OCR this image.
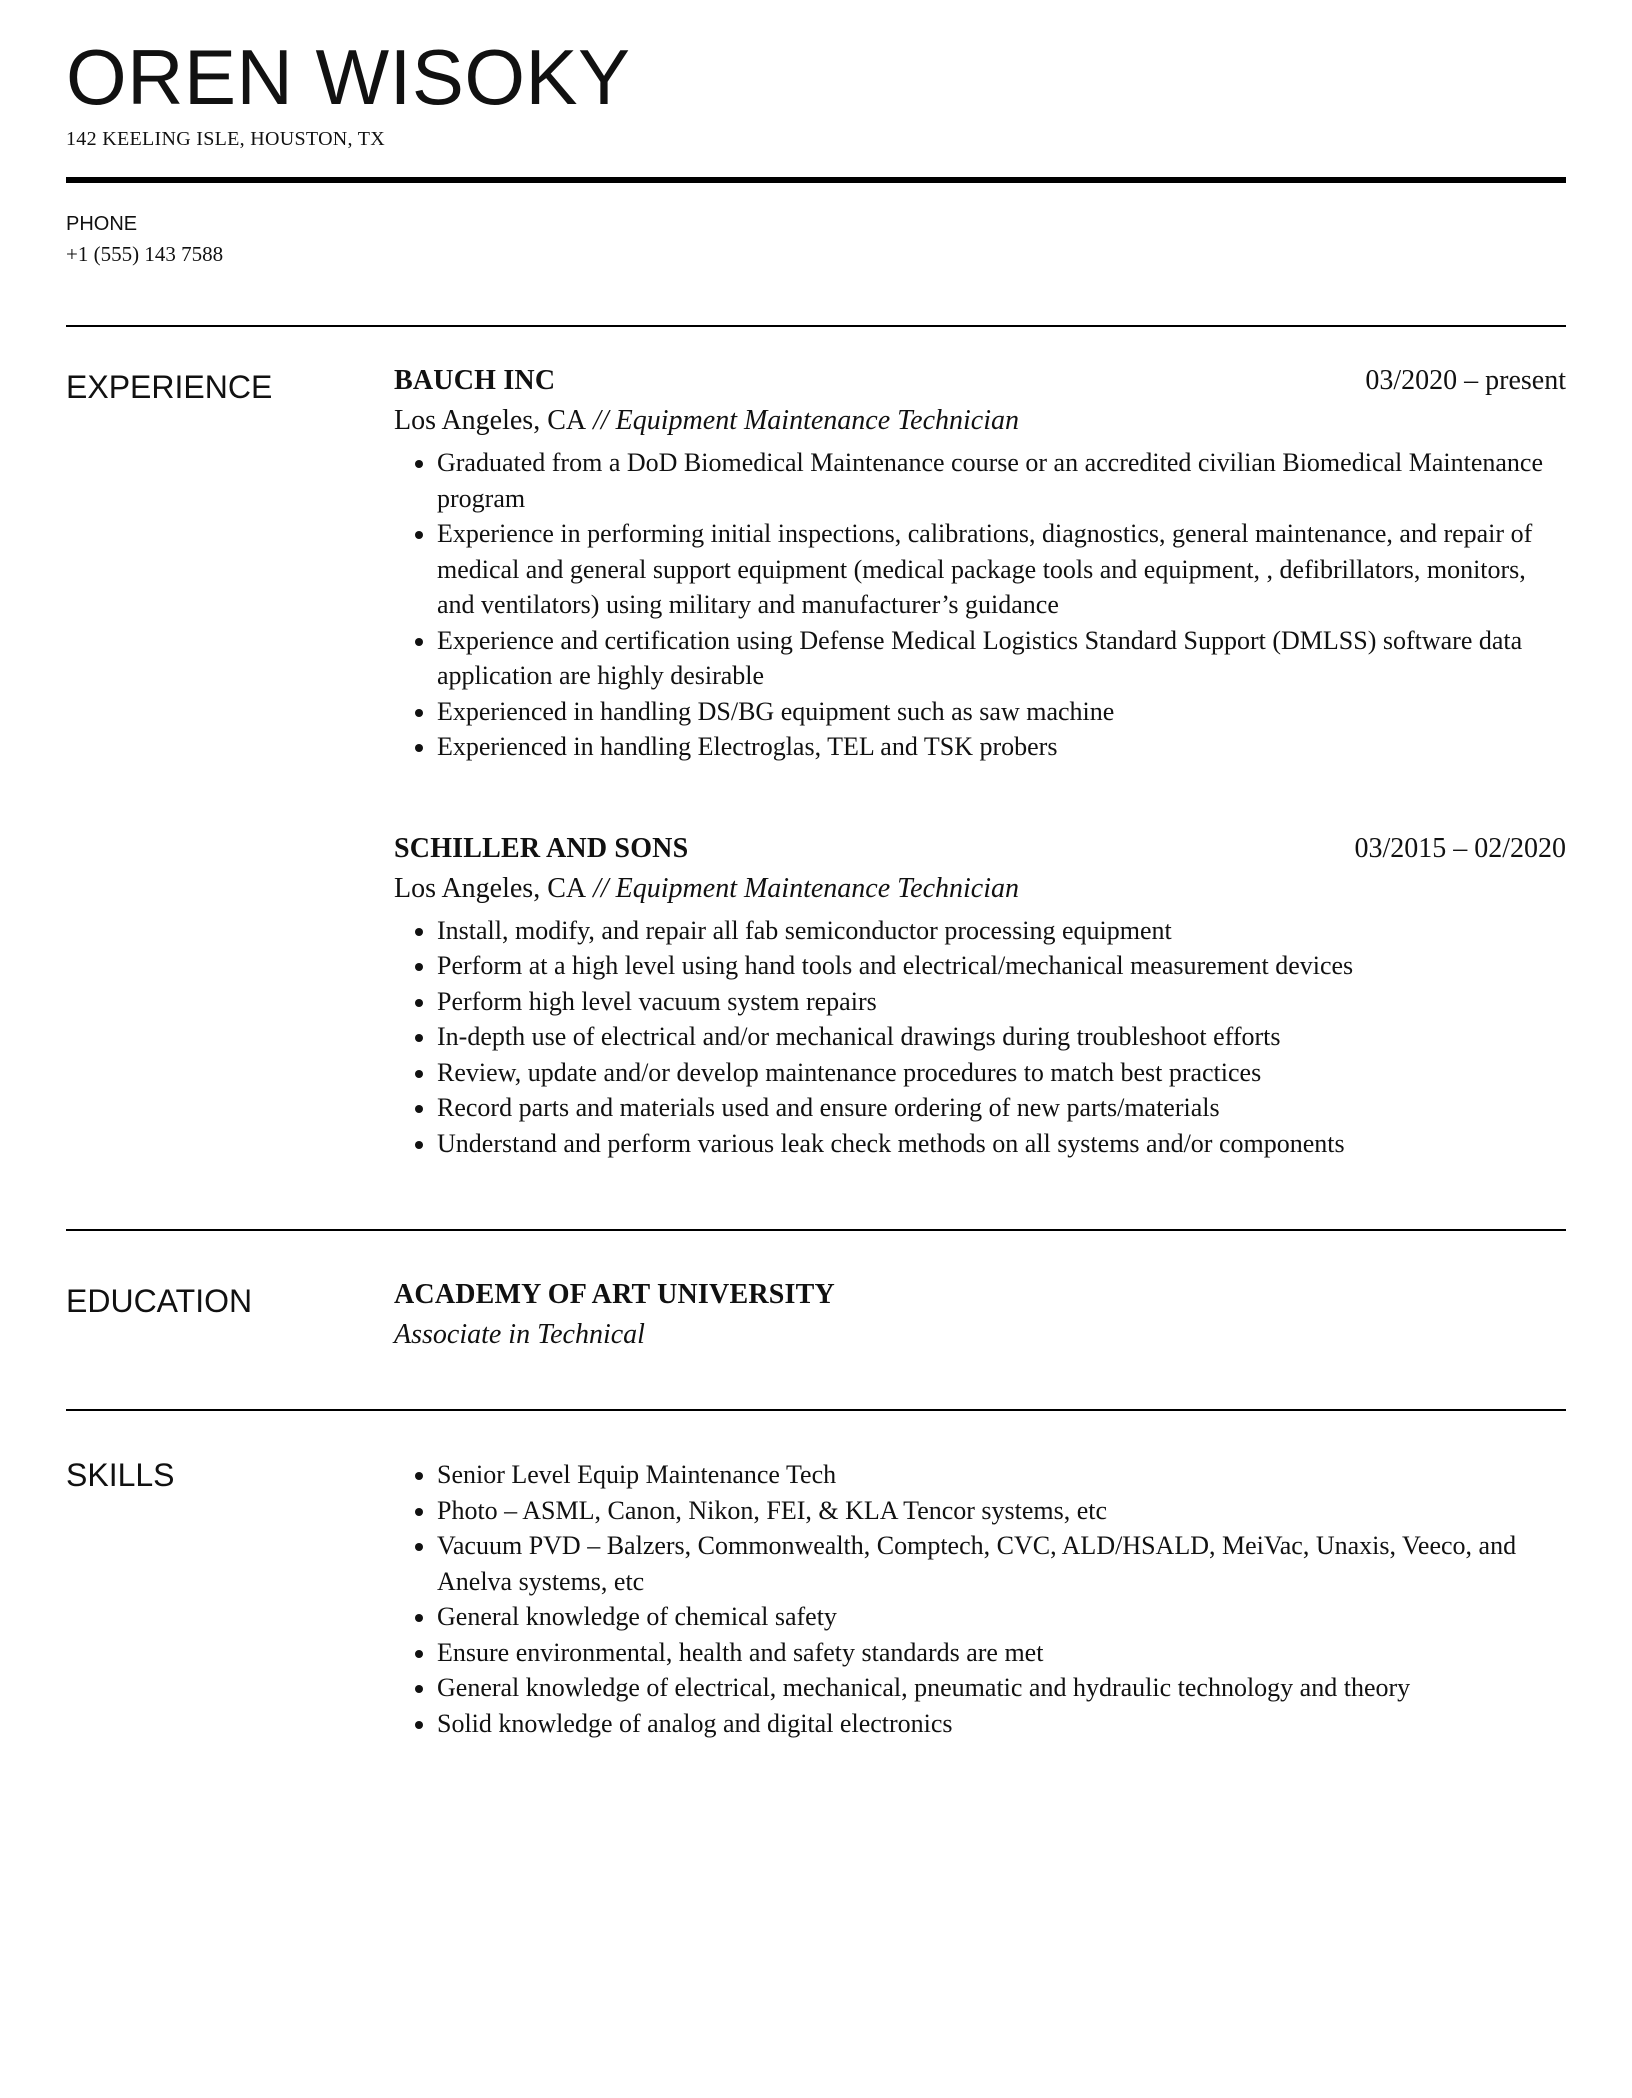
OREN WISOKY
142 KEELING ISLE, HOUSTON, TX
PHONE
+1 (555) 143 7588
EXPERIENCE	BAUCH INC	03/2020 – present
Los Angeles, CA // Equipment Maintenance Technician
• Graduated from a DoD Biomedical Maintenance course or an accredited civilian Biomedical Maintenance program
• Experience in performing initial inspections, calibrations, diagnostics, general maintenance, and repair of medical and general support equipment (medical package tools and equipment, , defibrillators, monitors, and ventilators) using military and manufacturer’s guidance
• Experience and certification using Defense Medical Logistics Standard Support (DMLSS) software data application are highly desirable
• Experienced in handling DS/BG equipment such as saw machine
• Experienced in handling Electroglas, TEL and TSK probers
SCHILLER AND SONS	03/2015 – 02/2020
Los Angeles, CA // Equipment Maintenance Technician
• Install, modify, and repair all fab semiconductor processing equipment
• Perform at a high level using hand tools and electrical/mechanical measurement devices
• Perform high level vacuum system repairs
• In-depth use of electrical and/or mechanical drawings during troubleshoot efforts
• Review, update and/or develop maintenance procedures to match best practices
• Record parts and materials used and ensure ordering of new parts/materials
• Understand and perform various leak check methods on all systems and/or components
EDUCATION	ACADEMY OF ART UNIVERSITY
Associate in Technical
SKILLS
•	Senior Level Equip Maintenance Tech
• Photo – ASML, Canon, Nikon, FEI, & KLA Tencor systems, etc
• Vacuum PVD – Balzers, Commonwealth, Comptech, CVC, ALD/HSALD, MeiVac, Unaxis, Veeco, and Anelva systems, etc
• General knowledge of chemical safety
• Ensure environmental, health and safety standards are met
• General knowledge of electrical, mechanical, pneumatic and hydraulic technology and theory
• Solid knowledge of analog and digital electronics
